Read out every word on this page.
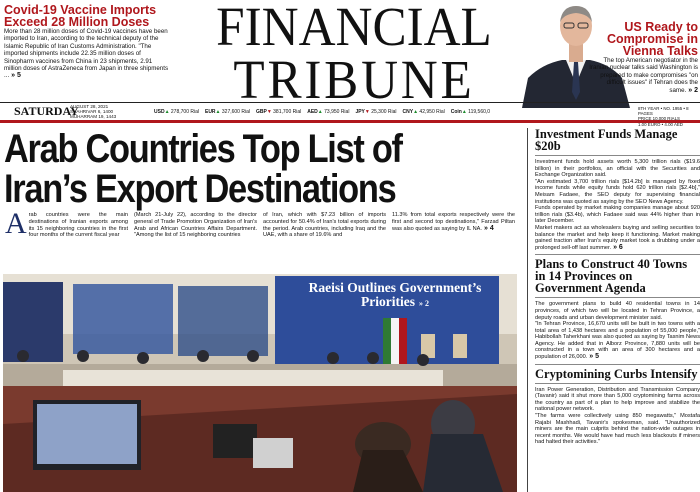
Covid-19 Vaccine Imports Exceed 28 Million Doses

More than 28 million doses of Covid-19 vaccines have been imported to Iran, according to the technical deputy of the Islamic Republic of Iran Customs Administration. "The imported shipments include 22.35 million doses of Sinopharm vaccines from China in 23 shipments, 2.91 million doses of AstraZeneca from Japan in three shipments ... » 5

FINANCIAL
TRIBUNE
US Ready to Compromise in Vienna Talks

The top American negotiator in the Iranian nuclear talks said Washington is prepared to make compromises "on difficult issues" if Tehran does the same. » 2

SATURDAY
AUGUST 28, 2021
SHAHRIVAR 6, 1400
MUHARRAM 19, 1443
USD▲ 278,700 Rial EUR▲ 327,600 Rial GBP▼ 381,700 Rial AED▲ 73,950 Rial JPY▼ 25,300 Rial CNY▲ 42,950 Rial Coin▲ 119,560,0	8TH YEAR • NO. 1955 • 8 PAGES
PRICE 10,000 RIALS
1.00 EURO • 4.00 AED
Arab Countries Top List of
Iran’s Export Destinations
A rab countries were the main destinations of Iranian exports among its 15 neighboring countries in the first four months of the current fiscal year
(March 21-July 22), according to the director general of Trade Promotion Organization of Iran's Arab and African Countries Affairs Department. "Among the list of 15 neighboring countries
of Iran, which with $7.23 billion of imports accounted for 50.4% of Iran's total exports during the period. Arab countries, including Iraq and the UAE, with a share of 19.6% and
11.3% from total exports respectively were the first and second top destinations," Farzad Piltan was also quoted as saying by IL NA. » 4
Raeisi Outlines Government’s Priorities » 2
Investment Funds Manage $20b

Investment funds hold assets worth 5,300 trillion rials ($19.6 billion) in their portfolios, an official with the Securities and Exchange Organization said.

"An estimated 3,700 trillion rials [$14.2b] is managed by fixed income funds while equity funds hold 620 trillion rials [$2.4b]," Meisam Fadaee, the SEO deputy for supervising financial institutions was quoted as saying by the SEO News Agency.

Funds operated by market making companies manage about 920 trillion rials ($3.4b), which Fadaee said was 44% higher than in later December.

Market makers act as wholesalers buying and selling securities to balance the market and help keep it functioning. Market making gained traction after Iran's equity market took a drubbing under a prolonged sell-off last summer. » 6

Plans to Construct 40 Towns in 14 Provinces on Government Agenda

The government plans to build 40 residential towns in 14 provinces, of which two will be located in Tehran Province, a deputy roads and urban development minister said.

"In Tehran Province, 16,670 units will be built in two towns with a total area of 1,438 hectares and a population of 55,000 people," Habibollah Taherkhani was also quoted as saying by Tasnim News Agency. He added that in Alborz Province, 7,880 units will be constructed in a town with an area of 300 hectares and a population of 26,000. » 5

Cryptomining Curbs Intensify

Iran Power Generation, Distribution and Transmission Company (Tavanir) said it shut more than 5,000 cryptomining farms across the country as part of a plan to help improve and stabilize the national power network.

"The farms were collectively using 850 megawatts," Mostafa Rajabi Mashhadi, Tavanir's spokesman, said. "Unauthorized miners are the main culprits behind the nation-wide outages in recent months. We would have had much less blackouts if miners had halted their activities."
